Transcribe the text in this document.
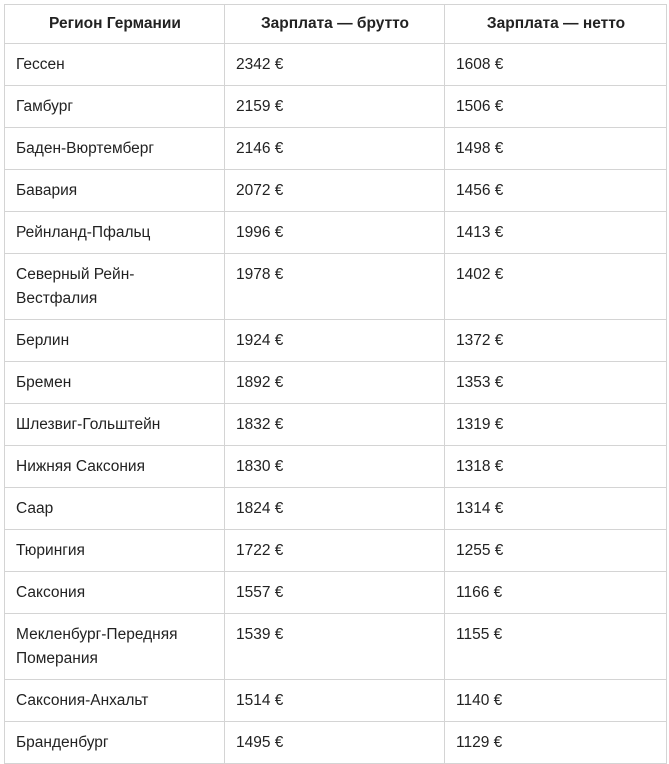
Регион Германии	Зарплата — брутто	Зарплата — нетто
Гессен	2342 €	1608 €
Гамбург	2159 €	1506 €
Баден-Вюртемберг	2146 €	1498 €
Бавария	2072 €	1456 €
Рейнланд-Пфальц	1996 €	1413 €
Северный Рейн-Вестфалия	1978 €	1402 €
Берлин	1924 €	1372 €
Бремен	1892 €	1353 €
Шлезвиг-Гольштейн	1832 €	1319 €
Нижняя Саксония	1830 €	1318 €
Саар	1824 €	1314 €
Тюрингия	1722 €	1255 €
Саксония	1557 €	1166 €
Мекленбург-Передняя Померания	1539 €	1155 €
Саксония-Анхальт	1514 €	1140 €
Бранденбург	1495 €	1129 €
